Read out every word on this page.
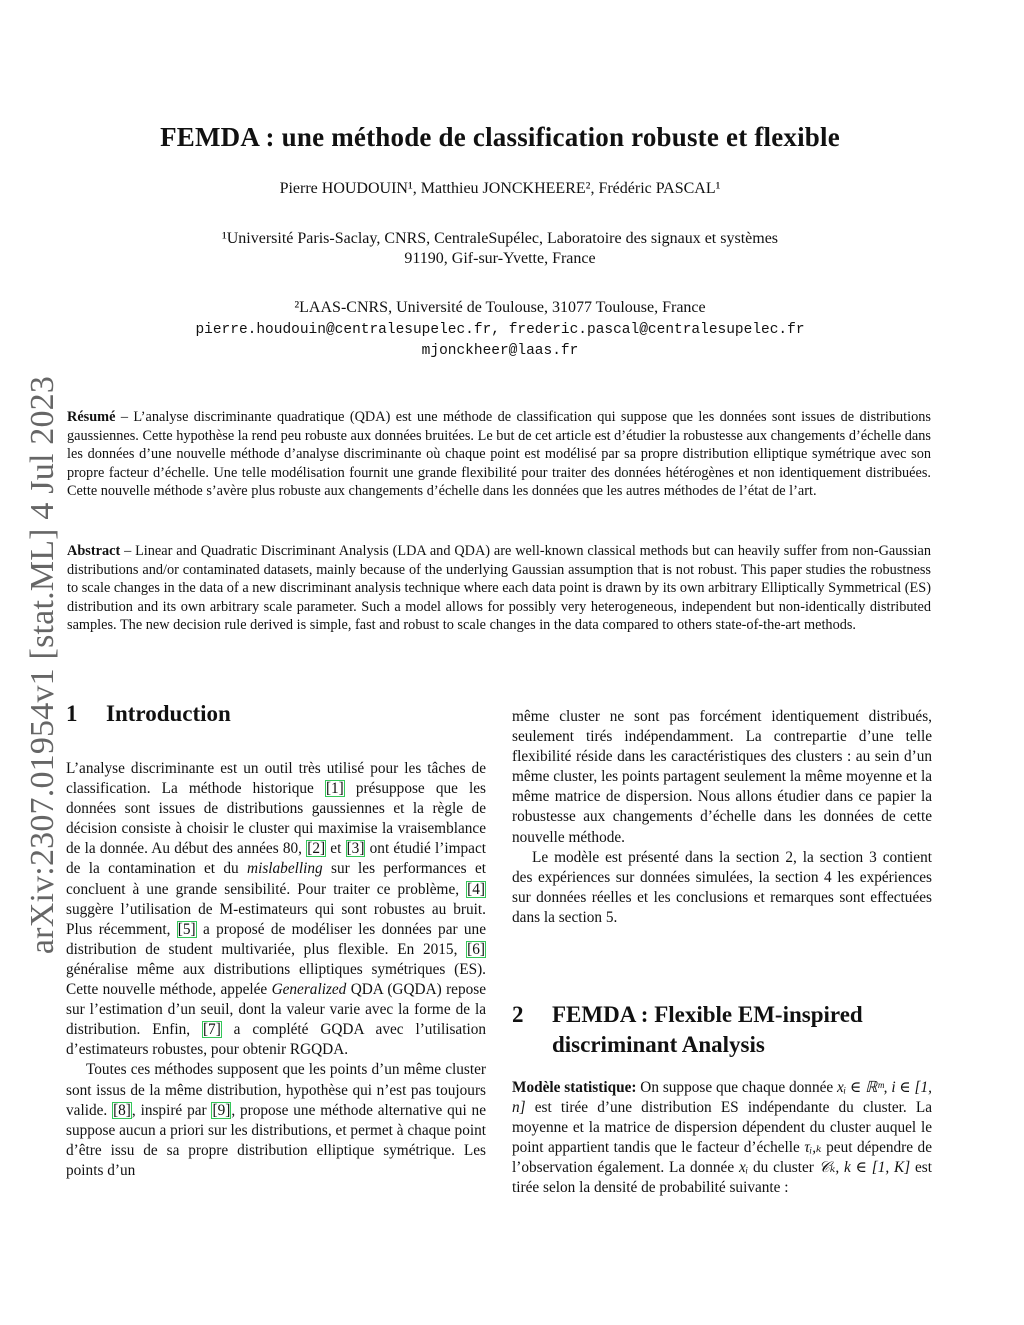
arXiv:2307.01954v1 [stat.ML] 4 Jul 2023
FEMDA : une méthode de classification robuste et flexible
Pierre HOUDOUIN¹, Matthieu JONCKHEERE², Frédéric PASCAL¹
¹Université Paris-Saclay, CNRS, CentraleSupélec, Laboratoire des signaux et systèmes
91190, Gif-sur-Yvette, France
²LAAS-CNRS, Université de Toulouse, 31077 Toulouse, France
pierre.houdouin@centralesupelec.fr, frederic.pascal@centralesupelec.fr
mjonckheer@laas.fr
Résumé – L’analyse discriminante quadratique (QDA) est une méthode de classification qui suppose que les données sont issues de distributions gaussiennes. Cette hypothèse la rend peu robuste aux données bruitées. Le but de cet article est d’étudier la robustesse aux changements d’échelle dans les données d’une nouvelle méthode d’analyse discriminante où chaque point est modélisé par sa propre distribution elliptique symétrique avec son propre facteur d’échelle. Une telle modélisation fournit une grande flexibilité pour traiter des données hétérogènes et non identiquement distribuées. Cette nouvelle méthode s’avère plus robuste aux changements d’échelle dans les données que les autres méthodes de l’état de l’art.
Abstract – Linear and Quadratic Discriminant Analysis (LDA and QDA) are well-known classical methods but can heavily suffer from non-Gaussian distributions and/or contaminated datasets, mainly because of the underlying Gaussian assumption that is not robust. This paper studies the robustness to scale changes in the data of a new discriminant analysis technique where each data point is drawn by its own arbitrary Elliptically Symmetrical (ES) distribution and its own arbitrary scale parameter. Such a model allows for possibly very heterogeneous, independent but non-identically distributed samples. The new decision rule derived is simple, fast and robust to scale changes in the data compared to others state-of-the-art methods.
1 Introduction

L’analyse discriminante est un outil très utilisé pour les tâches de classification. La méthode historique [1] présuppose que les données sont issues de distributions gaussiennes et la règle de décision consiste à choisir le cluster qui maximise la vraisemblance de la donnée. Au début des années 80, [2] et [3] ont étudié l’impact de la contamination et du mislabelling sur les performances et concluent à une grande sensibilité. Pour traiter ce problème, [4] suggère l’utilisation de M-estimateurs qui sont robustes au bruit. Plus récemment, [5] a proposé de modéliser les données par une distribution de student multivariée, plus flexible. En 2015, [6] généralise même aux distributions elliptiques symétriques (ES). Cette nouvelle méthode, appelée Generalized QDA (GQDA) repose sur l’estimation d’un seuil, dont la valeur varie avec la forme de la distribution. Enfin, [7] a complété GQDA avec l’utilisation d’estimateurs robustes, pour obtenir RGQDA.

Toutes ces méthodes supposent que les points d’un même cluster sont issus de la même distribution, hypothèse qui n’est pas toujours valide. [8], inspiré par [9], propose une méthode alternative qui ne suppose aucun a priori sur les distributions, et permet à chaque point d’être issu de sa propre distribution elliptique symétrique. Les points d’un

même cluster ne sont pas forcément identiquement distribués, seulement tirés indépendamment. La contrepartie d’une telle flexibilité réside dans les caractéristiques des clusters : au sein d’un même cluster, les points partagent seulement la même moyenne et la même matrice de dispersion. Nous allons étudier dans ce papier la robustesse aux changements d’échelle dans les données de cette nouvelle méthode.

Le modèle est présenté dans la section 2, la section 3 contient des expériences sur données simulées, la section 4 les expériences sur données réelles et les conclusions et remarques sont effectuées dans la section 5.

2 FEMDA : Flexible EM-inspired
discriminant Analysis

Modèle statistique: On suppose que chaque donnée xᵢ ∈ ℝᵐ, i ∈ [1, n] est tirée d’une distribution ES indépendante du cluster. La moyenne et la matrice de dispersion dépendent du cluster auquel le point appartient tandis que le facteur d’échelle τᵢ,ₖ peut dépendre de l’observation également. La donnée xᵢ du cluster 𝒞ₖ, k ∈ [1, K] est tirée selon la densité de probabilité suivante :
